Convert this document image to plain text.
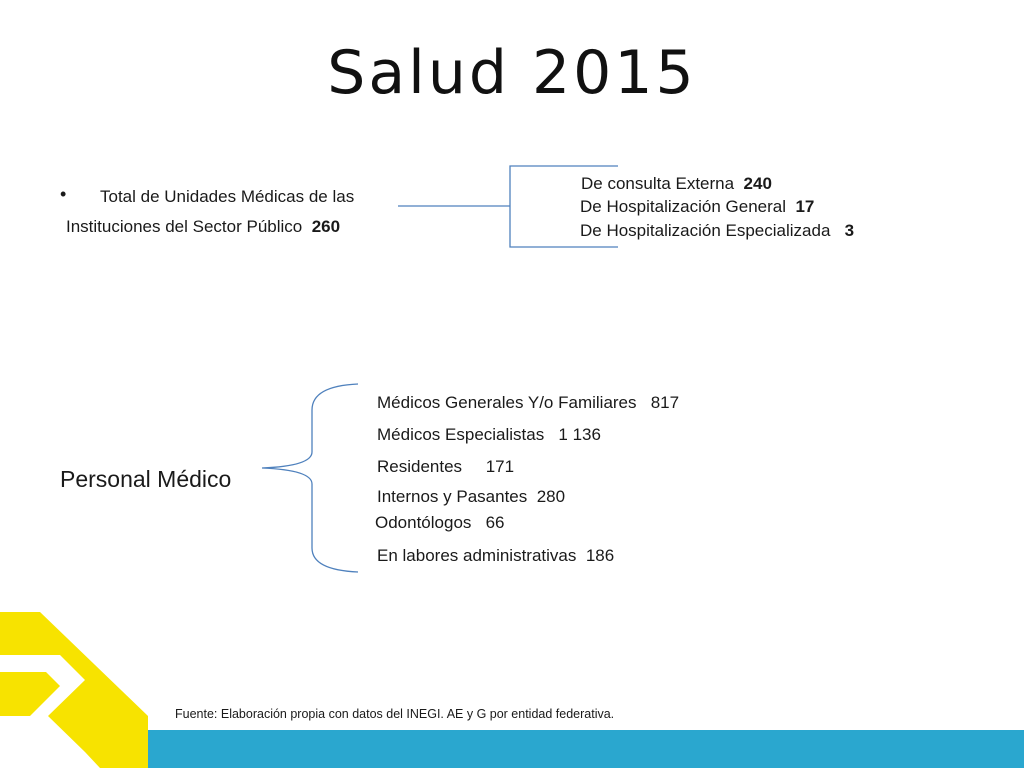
Salud 2015
• Total de Unidades Médicas de las
Instituciones del Sector Público 260
De consulta Externa 240
De Hospitalización General 17
De Hospitalización Especializada 3
Personal Médico
Médicos Generales Y/o Familiares 817
Médicos Especialistas 1 136
Residentes 171
Internos y Pasantes 280
Odontólogos 66
En labores administrativas 186
Fuente: Elaboración propia con datos del INEGI. AE y G por entidad federativa.
